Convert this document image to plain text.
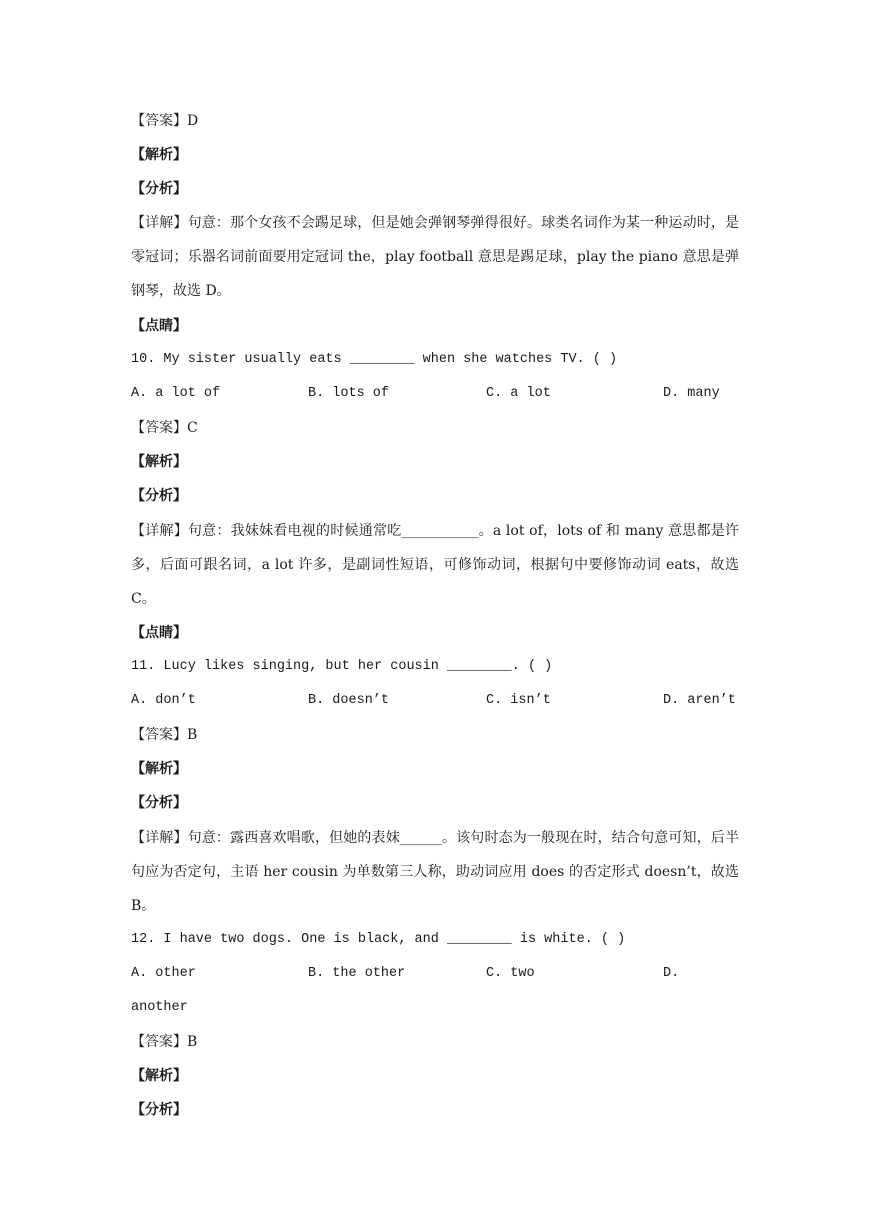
【答案】D
【解析】
【分析】
【详解】句意：那个女孩不会踢足球，但是她会弹钢琴弹得很好。球类名词作为某一种运动时，是零冠词；乐器名词前面要用定冠词 the，play football 意思是踢足球，play the piano 意思是弹钢琴，故选 D。
【点睛】
10. My sister usually eats ________ when she watches TV. ( )
A. a lot of	B. lots of	C. a lot	D. many
【答案】C
【解析】
【分析】
【详解】句意：我妹妹看电视的时候通常吃___________。a lot of，lots of 和 many 意思都是许多，后面可跟名词，a lot 许多，是副词性短语，可修饰动词，根据句中要修饰动词 eats，故选 C。
【点睛】
11. Lucy likes singing, but her cousin ________. ( )
A. don’t	B. doesn’t	C. isn’t	D. aren’t
【答案】B
【解析】
【分析】
【详解】句意：露西喜欢唱歌，但她的表妹______。该句时态为一般现在时，结合句意可知，后半句应为否定句，主语 her cousin 为单数第三人称，助动词应用 does 的否定形式 doesn’t，故选 B。
12. I have two dogs. One is black, and ________ is white. ( )
A. other	B. the other	C. two	D.
another
【答案】B
【解析】
【分析】
